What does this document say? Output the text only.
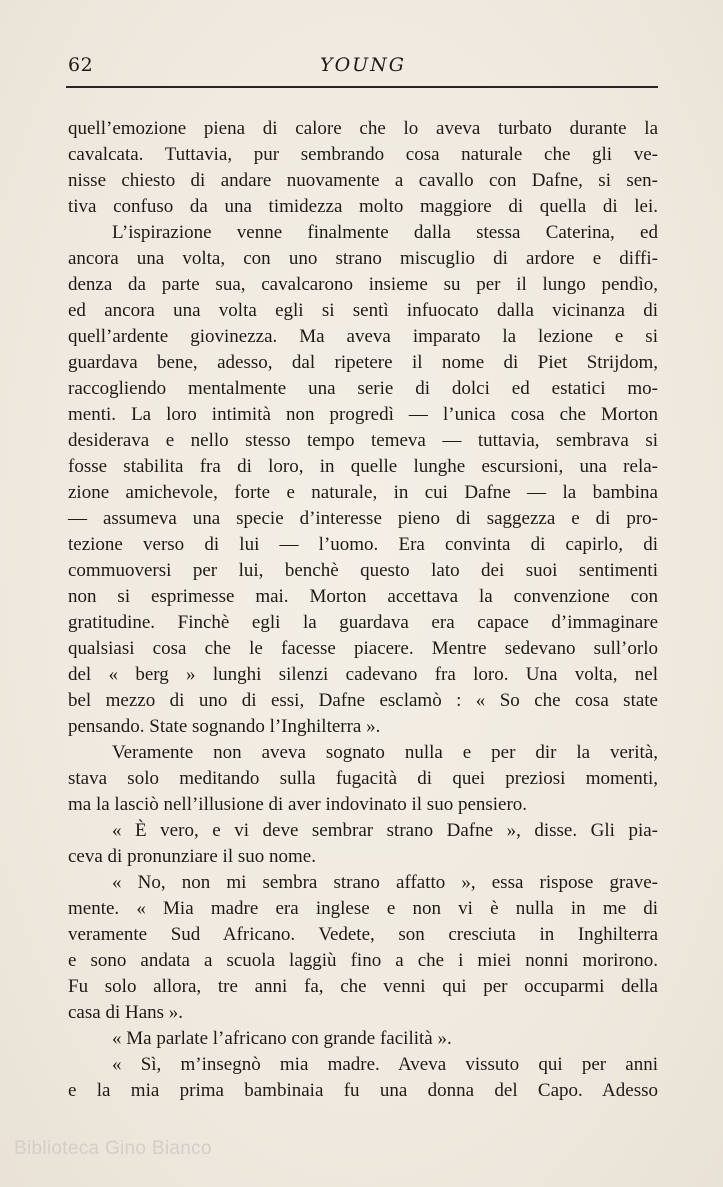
62	YOUNG
quell’emozione piena di calore che lo aveva turbato durante la
cavalcata. Tuttavia, pur sembrando cosa naturale che gli ve-
nisse chiesto di andare nuovamente a cavallo con Dafne, si sen-
tiva confuso da una timidezza molto maggiore di quella di lei.
L’ispirazione venne finalmente dalla stessa Caterina, ed
ancora una volta, con uno strano miscuglio di ardore e diffi-
denza da parte sua, cavalcarono insieme su per il lungo pendìo,
ed ancora una volta egli si sentì infuocato dalla vicinanza di
quell’ardente giovinezza. Ma aveva imparato la lezione e si
guardava bene, adesso, dal ripetere il nome di Piet Strijdom,
raccogliendo mentalmente una serie di dolci ed estatici mo-
menti. La loro intimità non progredì — l’unica cosa che Morton
desiderava e nello stesso tempo temeva — tuttavia, sembrava si
fosse stabilita fra di loro, in quelle lunghe escursioni, una rela-
zione amichevole, forte e naturale, in cui Dafne — la bambina
— assumeva una specie d’interesse pieno di saggezza e di pro-
tezione verso di lui — l’uomo. Era convinta di capirlo, di
commuoversi per lui, benchè questo lato dei suoi sentimenti
non si esprimesse mai. Morton accettava la convenzione con
gratitudine. Finchè egli la guardava era capace d’immaginare
qualsiasi cosa che le facesse piacere. Mentre sedevano sull’orlo
del « berg » lunghi silenzi cadevano fra loro. Una volta, nel
bel mezzo di uno di essi, Dafne esclamò : « So che cosa state
pensando. State sognando l’Inghilterra ».
Veramente non aveva sognato nulla e per dir la verità,
stava solo meditando sulla fugacità di quei preziosi momenti,
ma la lasciò nell’illusione di aver indovinato il suo pensiero.
« È vero, e vi deve sembrar strano Dafne », disse. Gli pia-
ceva di pronunziare il suo nome.
« No, non mi sembra strano affatto », essa rispose grave-
mente. « Mia madre era inglese e non vi è nulla in me di
veramente Sud Africano. Vedete, son cresciuta in Inghilterra
e sono andata a scuola laggiù fino a che i miei nonni morirono.
Fu solo allora, tre anni fa, che venni qui per occuparmi della
casa di Hans ».
« Ma parlate l’africano con grande facilità ».
« Sì, m’insegnò mia madre. Aveva vissuto qui per anni
e la mia prima bambinaia fu una donna del Capo. Adesso
Biblioteca Gino Bianco
